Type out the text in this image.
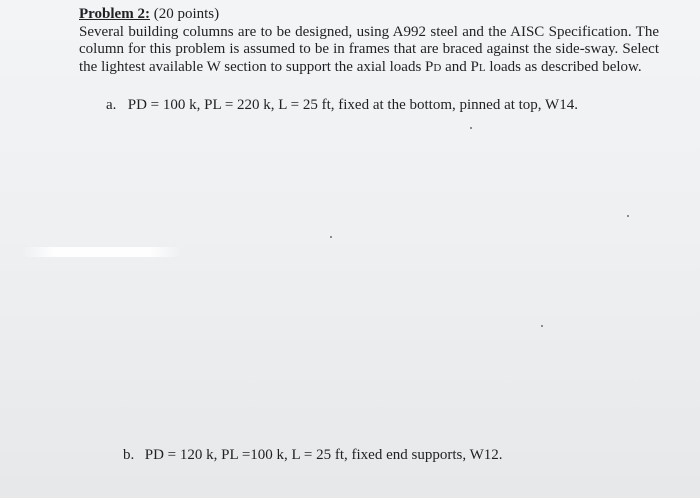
Problem 2: (20 points)

Several building columns are to be designed, using A992 steel and the AISC Specification. The column for this problem is assumed to be in frames that are braced against the side-sway. Select the lightest available W section to support the axial loads PD and PL loads as described below.

a. PD = 100 k, PL = 220 k, L = 25 ft, fixed at the bottom, pinned at top, W14.
b. PD = 120 k, PL =100 k, L = 25 ft, fixed end supports, W12.
